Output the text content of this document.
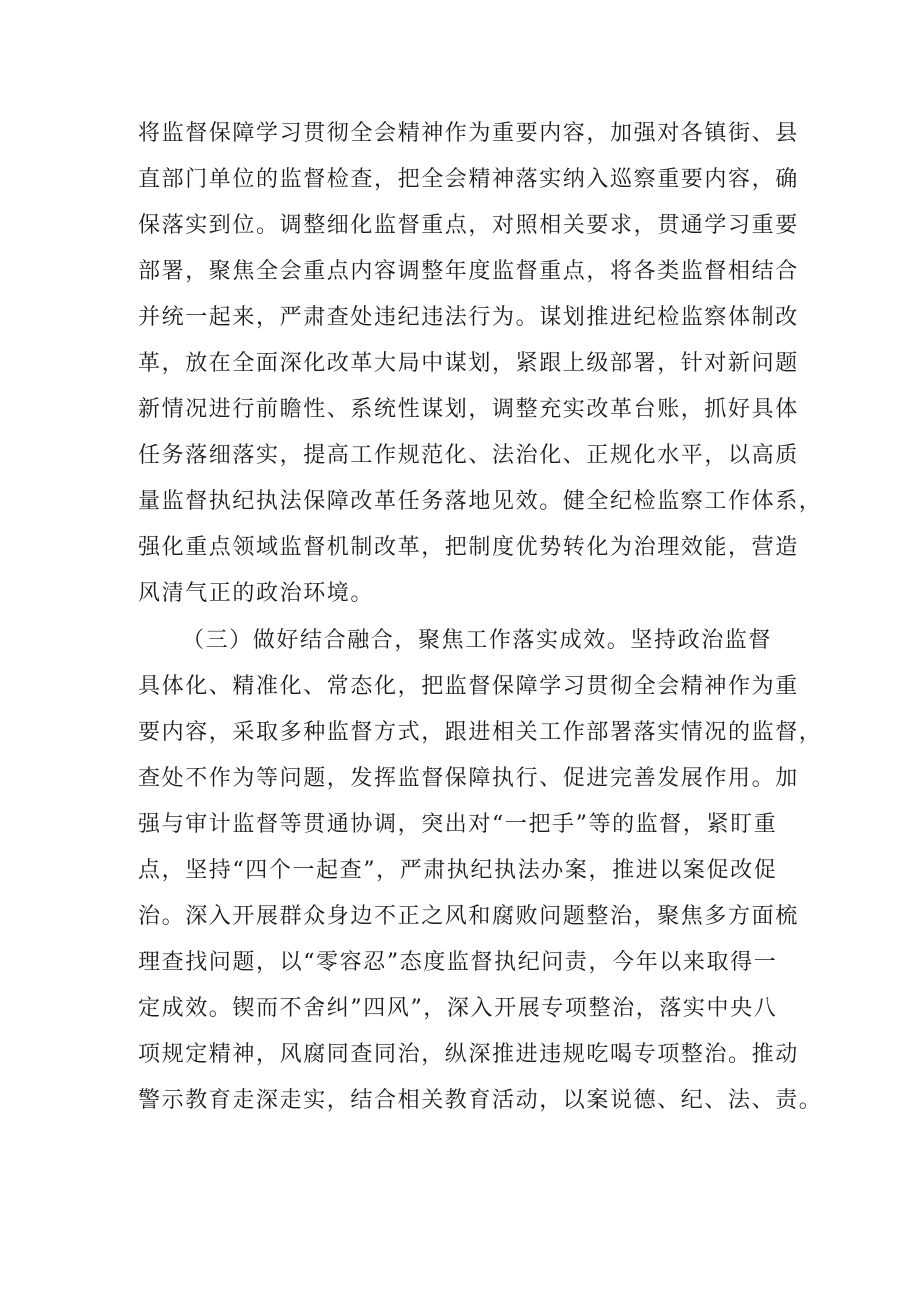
将监督保障学习贯彻全会精神作为重要内容，加强对各镇街、县
直部门单位的监督检查，把全会精神落实纳入巡察重要内容，确
保落实到位。调整细化监督重点，对照相关要求，贯通学习重要
部署，聚焦全会重点内容调整年度监督重点，将各类监督相结合
并统一起来，严肃查处违纪违法行为。谋划推进纪检监察体制改
革，放在全面深化改革大局中谋划，紧跟上级部署，针对新问题
新情况进行前瞻性、系统性谋划，调整充实改革台账，抓好具体
任务落细落实，提高工作规范化、法治化、正规化水平，以高质
量监督执纪执法保障改革任务落地见效。健全纪检监察工作体系，
强化重点领域监督机制改革，把制度优势转化为治理效能，营造
风清气正的政治环境。
（三）做好结合融合，聚焦工作落实成效。坚持政治监督
具体化、精准化、常态化，把监督保障学习贯彻全会精神作为重
要内容，采取多种监督方式，跟进相关工作部署落实情况的监督，
查处不作为等问题，发挥监督保障执行、促进完善发展作用。加
强与审计监督等贯通协调，突出对“一把手”等的监督，紧盯重
点，坚持“四个一起查”，严肃执纪执法办案，推进以案促改促
治。深入开展群众身边不正之风和腐败问题整治，聚焦多方面梳
理查找问题，以“零容忍”态度监督执纪问责，今年以来取得一
定成效。锲而不舍纠”四风”，深入开展专项整治，落实中央八
项规定精神，风腐同查同治，纵深推进违规吃喝专项整治。推动
警示教育走深走实，结合相关教育活动，以案说德、纪、法、责。
